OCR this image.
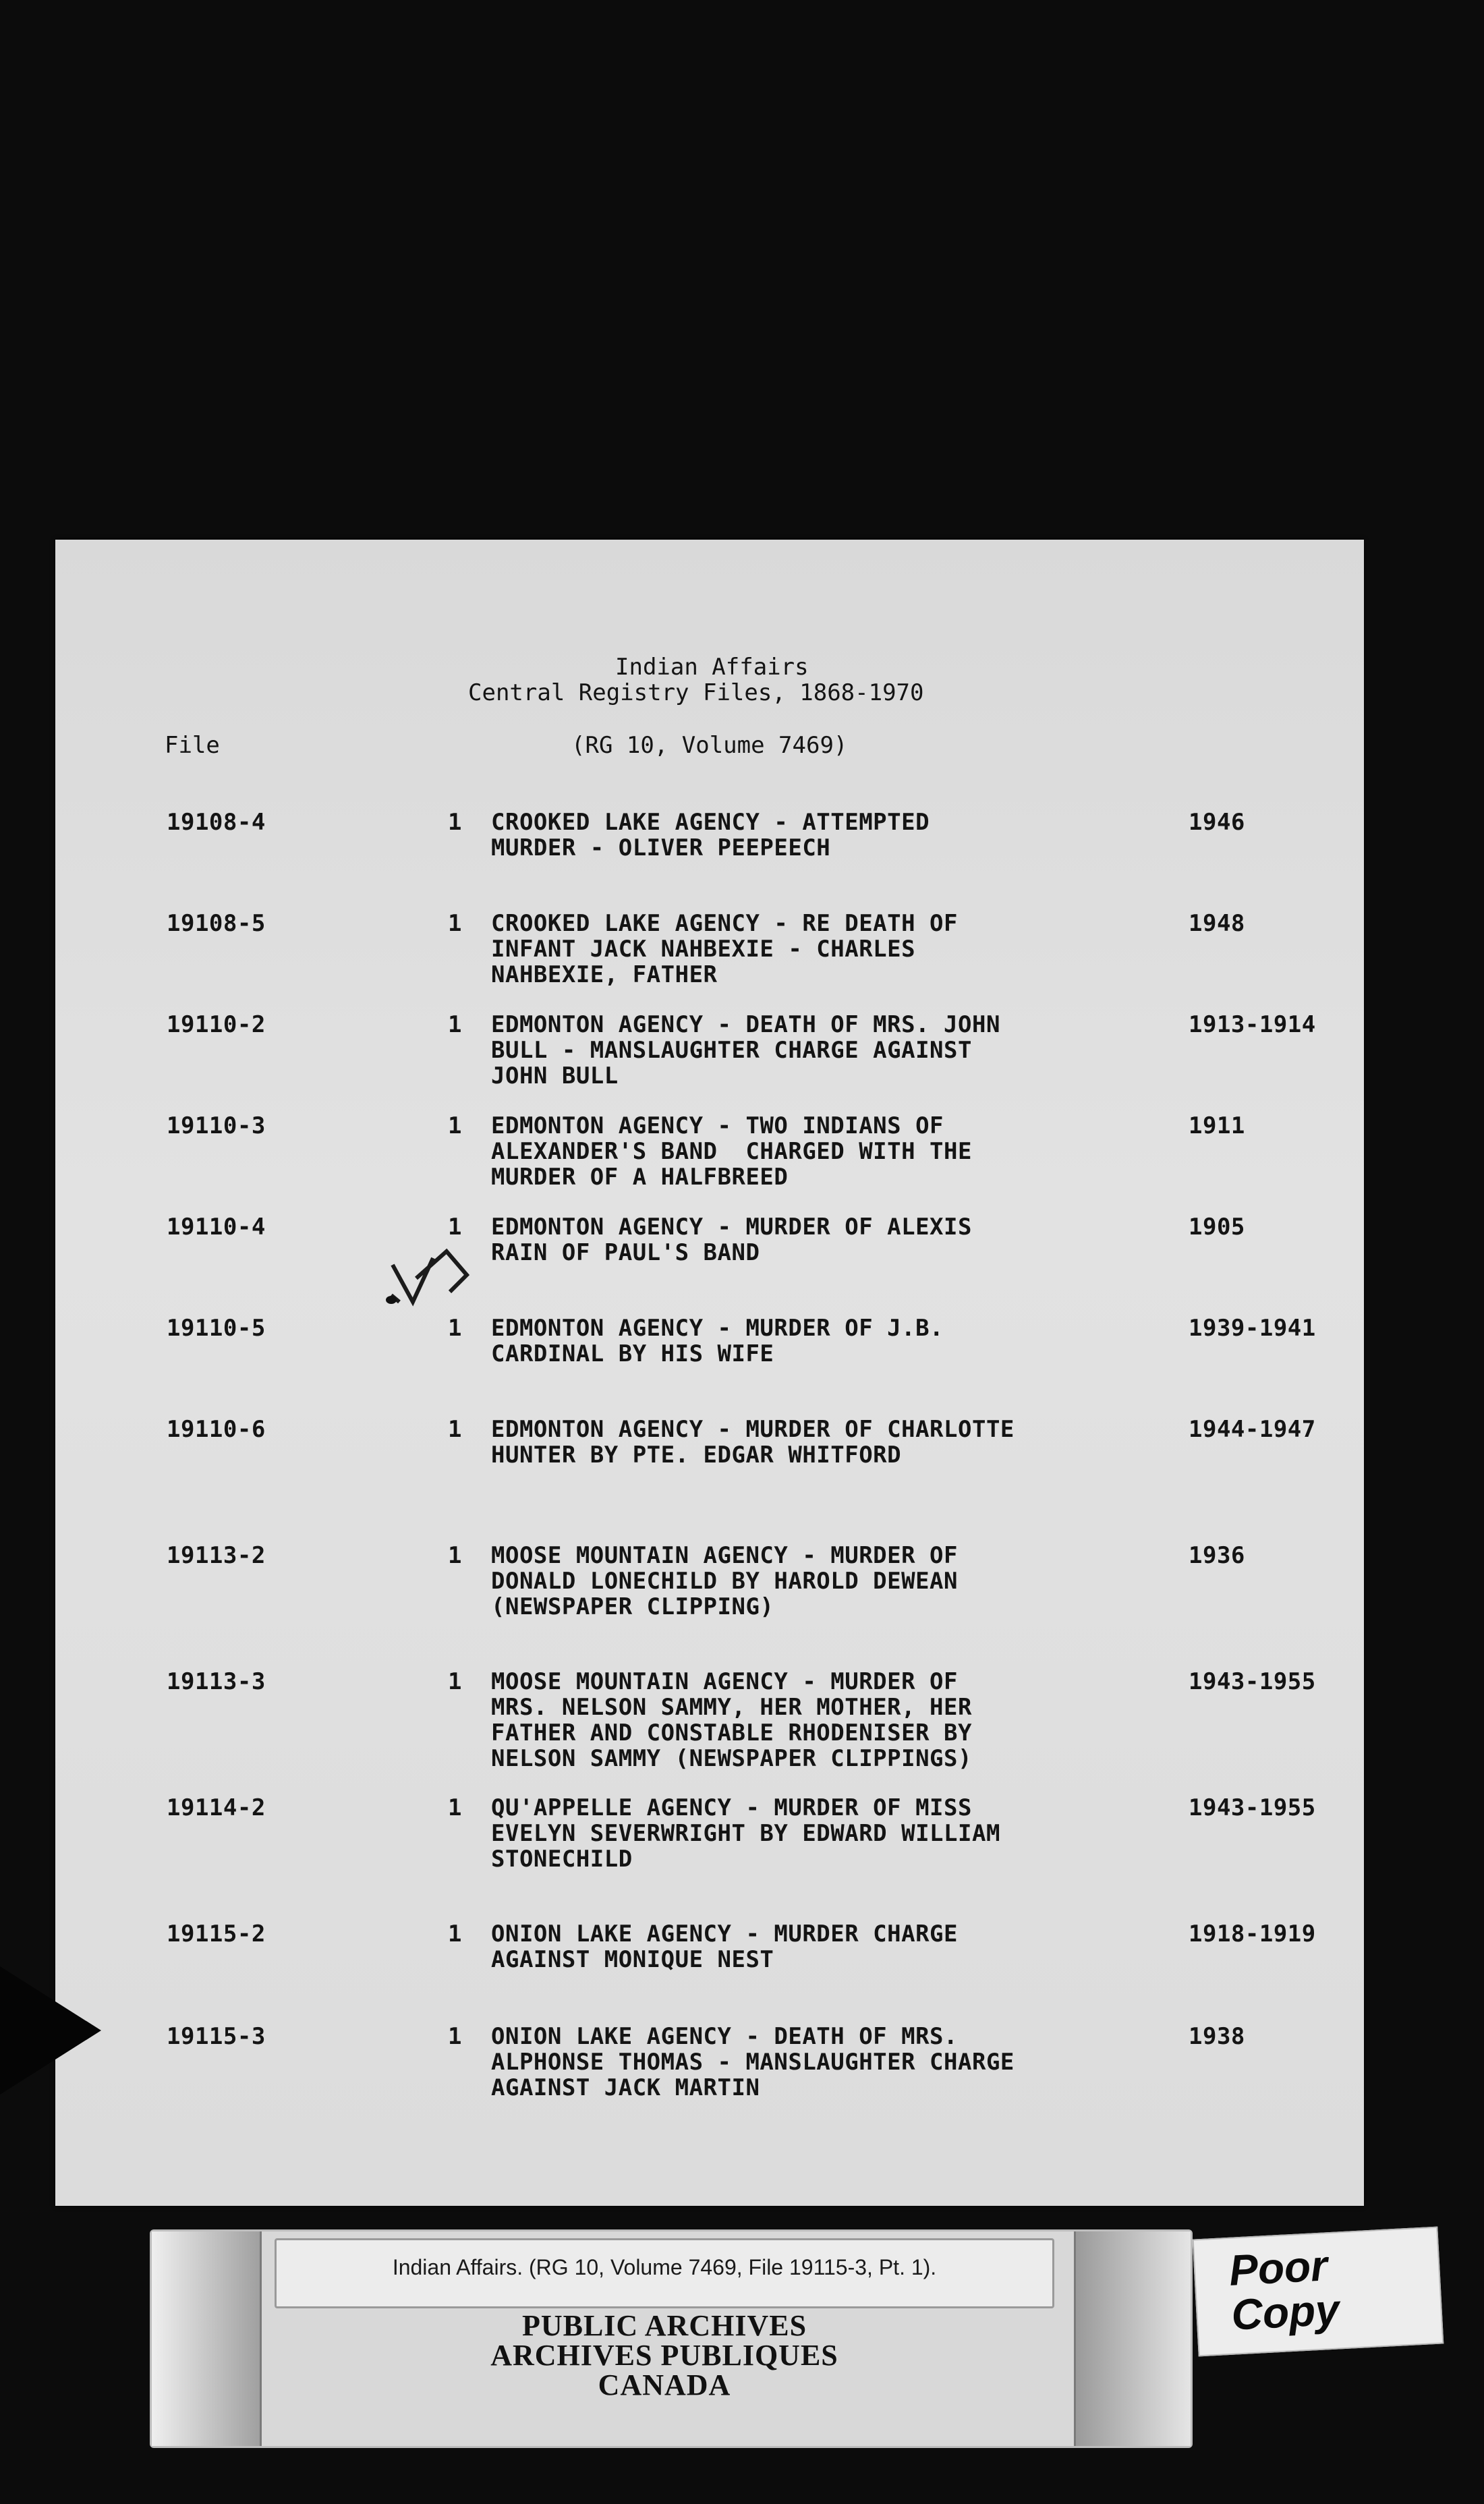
Indian Affairs
Central Registry Files, 1868-1970
(RG 10, Volume 7469)
File
19108-4	1 CROOKED LAKE AGENCY - ATTEMPTED
MURDER - OLIVER PEEPEECH
1946
19108-5	1 CROOKED LAKE AGENCY - RE DEATH OF
INFANT JACK NAHBEXIE - CHARLES
NAHBEXIE, FATHER
1948
19110-2	1 EDMONTON AGENCY - DEATH OF MRS. JOHN
BULL - MANSLAUGHTER CHARGE AGAINST
JOHN BULL
1913-1914
19110-3	1 EDMONTON AGENCY - TWO INDIANS OF
ALEXANDER'S BAND  CHARGED WITH THE
MURDER OF A HALFBREED
1911
19110-4	1 EDMONTON AGENCY - MURDER OF ALEXIS
RAIN OF PAUL'S BAND
1905
19110-5	1 EDMONTON AGENCY - MURDER OF J.B.
CARDINAL BY HIS WIFE
1939-1941
19110-6	1 EDMONTON AGENCY - MURDER OF CHARLOTTE
HUNTER BY PTE. EDGAR WHITFORD
1944-1947
19113-2	1 MOOSE MOUNTAIN AGENCY - MURDER OF
DONALD LONECHILD BY HAROLD DEWEAN
(NEWSPAPER CLIPPING)
1936
19113-3	1 MOOSE MOUNTAIN AGENCY - MURDER OF
MRS. NELSON SAMMY, HER MOTHER, HER
FATHER AND CONSTABLE RHODENISER BY
NELSON SAMMY (NEWSPAPER CLIPPINGS)
1943-1955
19114-2	1 QU'APPELLE AGENCY - MURDER OF MISS
EVELYN SEVERWRIGHT BY EDWARD WILLIAM
STONECHILD
1943-1955
19115-2	1 ONION LAKE AGENCY - MURDER CHARGE
AGAINST MONIQUE NEST
1918-1919
19115-3	1 ONION LAKE AGENCY - DEATH OF MRS.
ALPHONSE THOMAS - MANSLAUGHTER CHARGE
AGAINST JACK MARTIN
1938
Indian Affairs. (RG 10, Volume 7469, File 19115-3, Pt. 1).
PUBLIC ARCHIVES
ARCHIVES PUBLIQUES
CANADA
Poor
Copy
